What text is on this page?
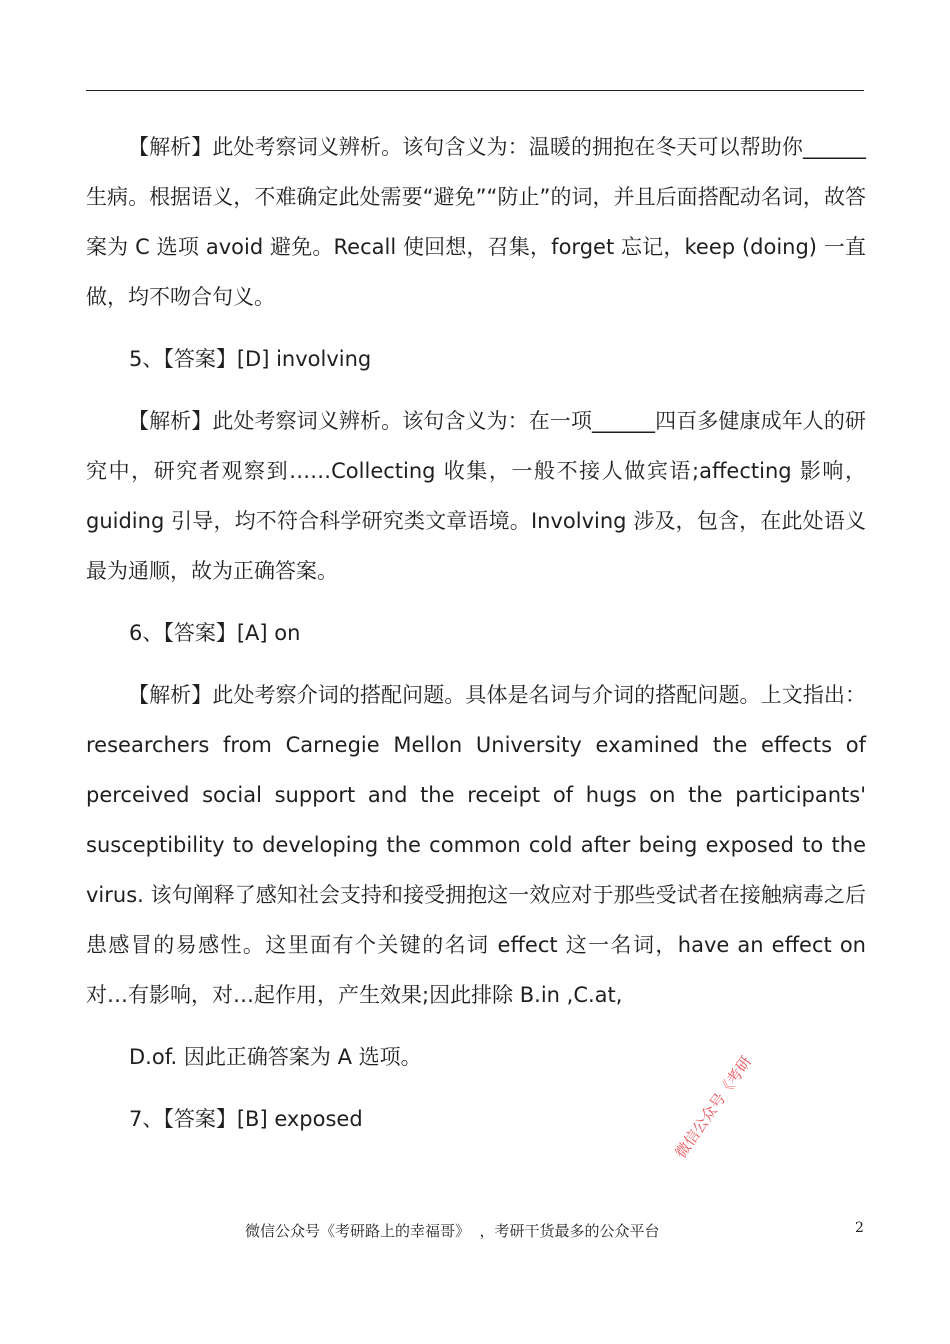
【解析】此处考察词义辨析。该句含义为：温暖的拥抱在冬天可以帮助你______生病。根据语义，不难确定此处需要“避免”“防止”的词，并且后面搭配动名词，故答案为 C 选项 avoid 避免。Recall 使回想，召集，forget 忘记，keep (doing) 一直做，均不吻合句义。

5、【答案】[D] involving

【解析】此处考察词义辨析。该句含义为：在一项______四百多健康成年人的研究中，研究者观察到……Collecting 收集，一般不接人做宾语;affecting 影响，guiding 引导，均不符合科学研究类文章语境。Involving 涉及，包含，在此处语义最为通顺，故为正确答案。

6、【答案】[A] on

【解析】此处考察介词的搭配问题。具体是名词与介词的搭配问题。上文指出：researchers from Carnegie Mellon University examined the effects of perceived social support and the receipt of hugs on the participants' susceptibility to developing the common cold after being exposed to the virus. 该句阐释了感知社会支持和接受拥抱这一效应对于那些受试者在接触病毒之后患感冒的易感性。这里面有个关键的名词 effect 这一名词，have an effect on 对…有影响，对…起作用，产生效果;因此排除 B.in ,C.at,

D.of. 因此正确答案为 A 选项。

7、【答案】[B] exposed	微信公众号《考研
微信公众号《考研路上的幸福哥》  ，考研干货最多的公众平台	2
